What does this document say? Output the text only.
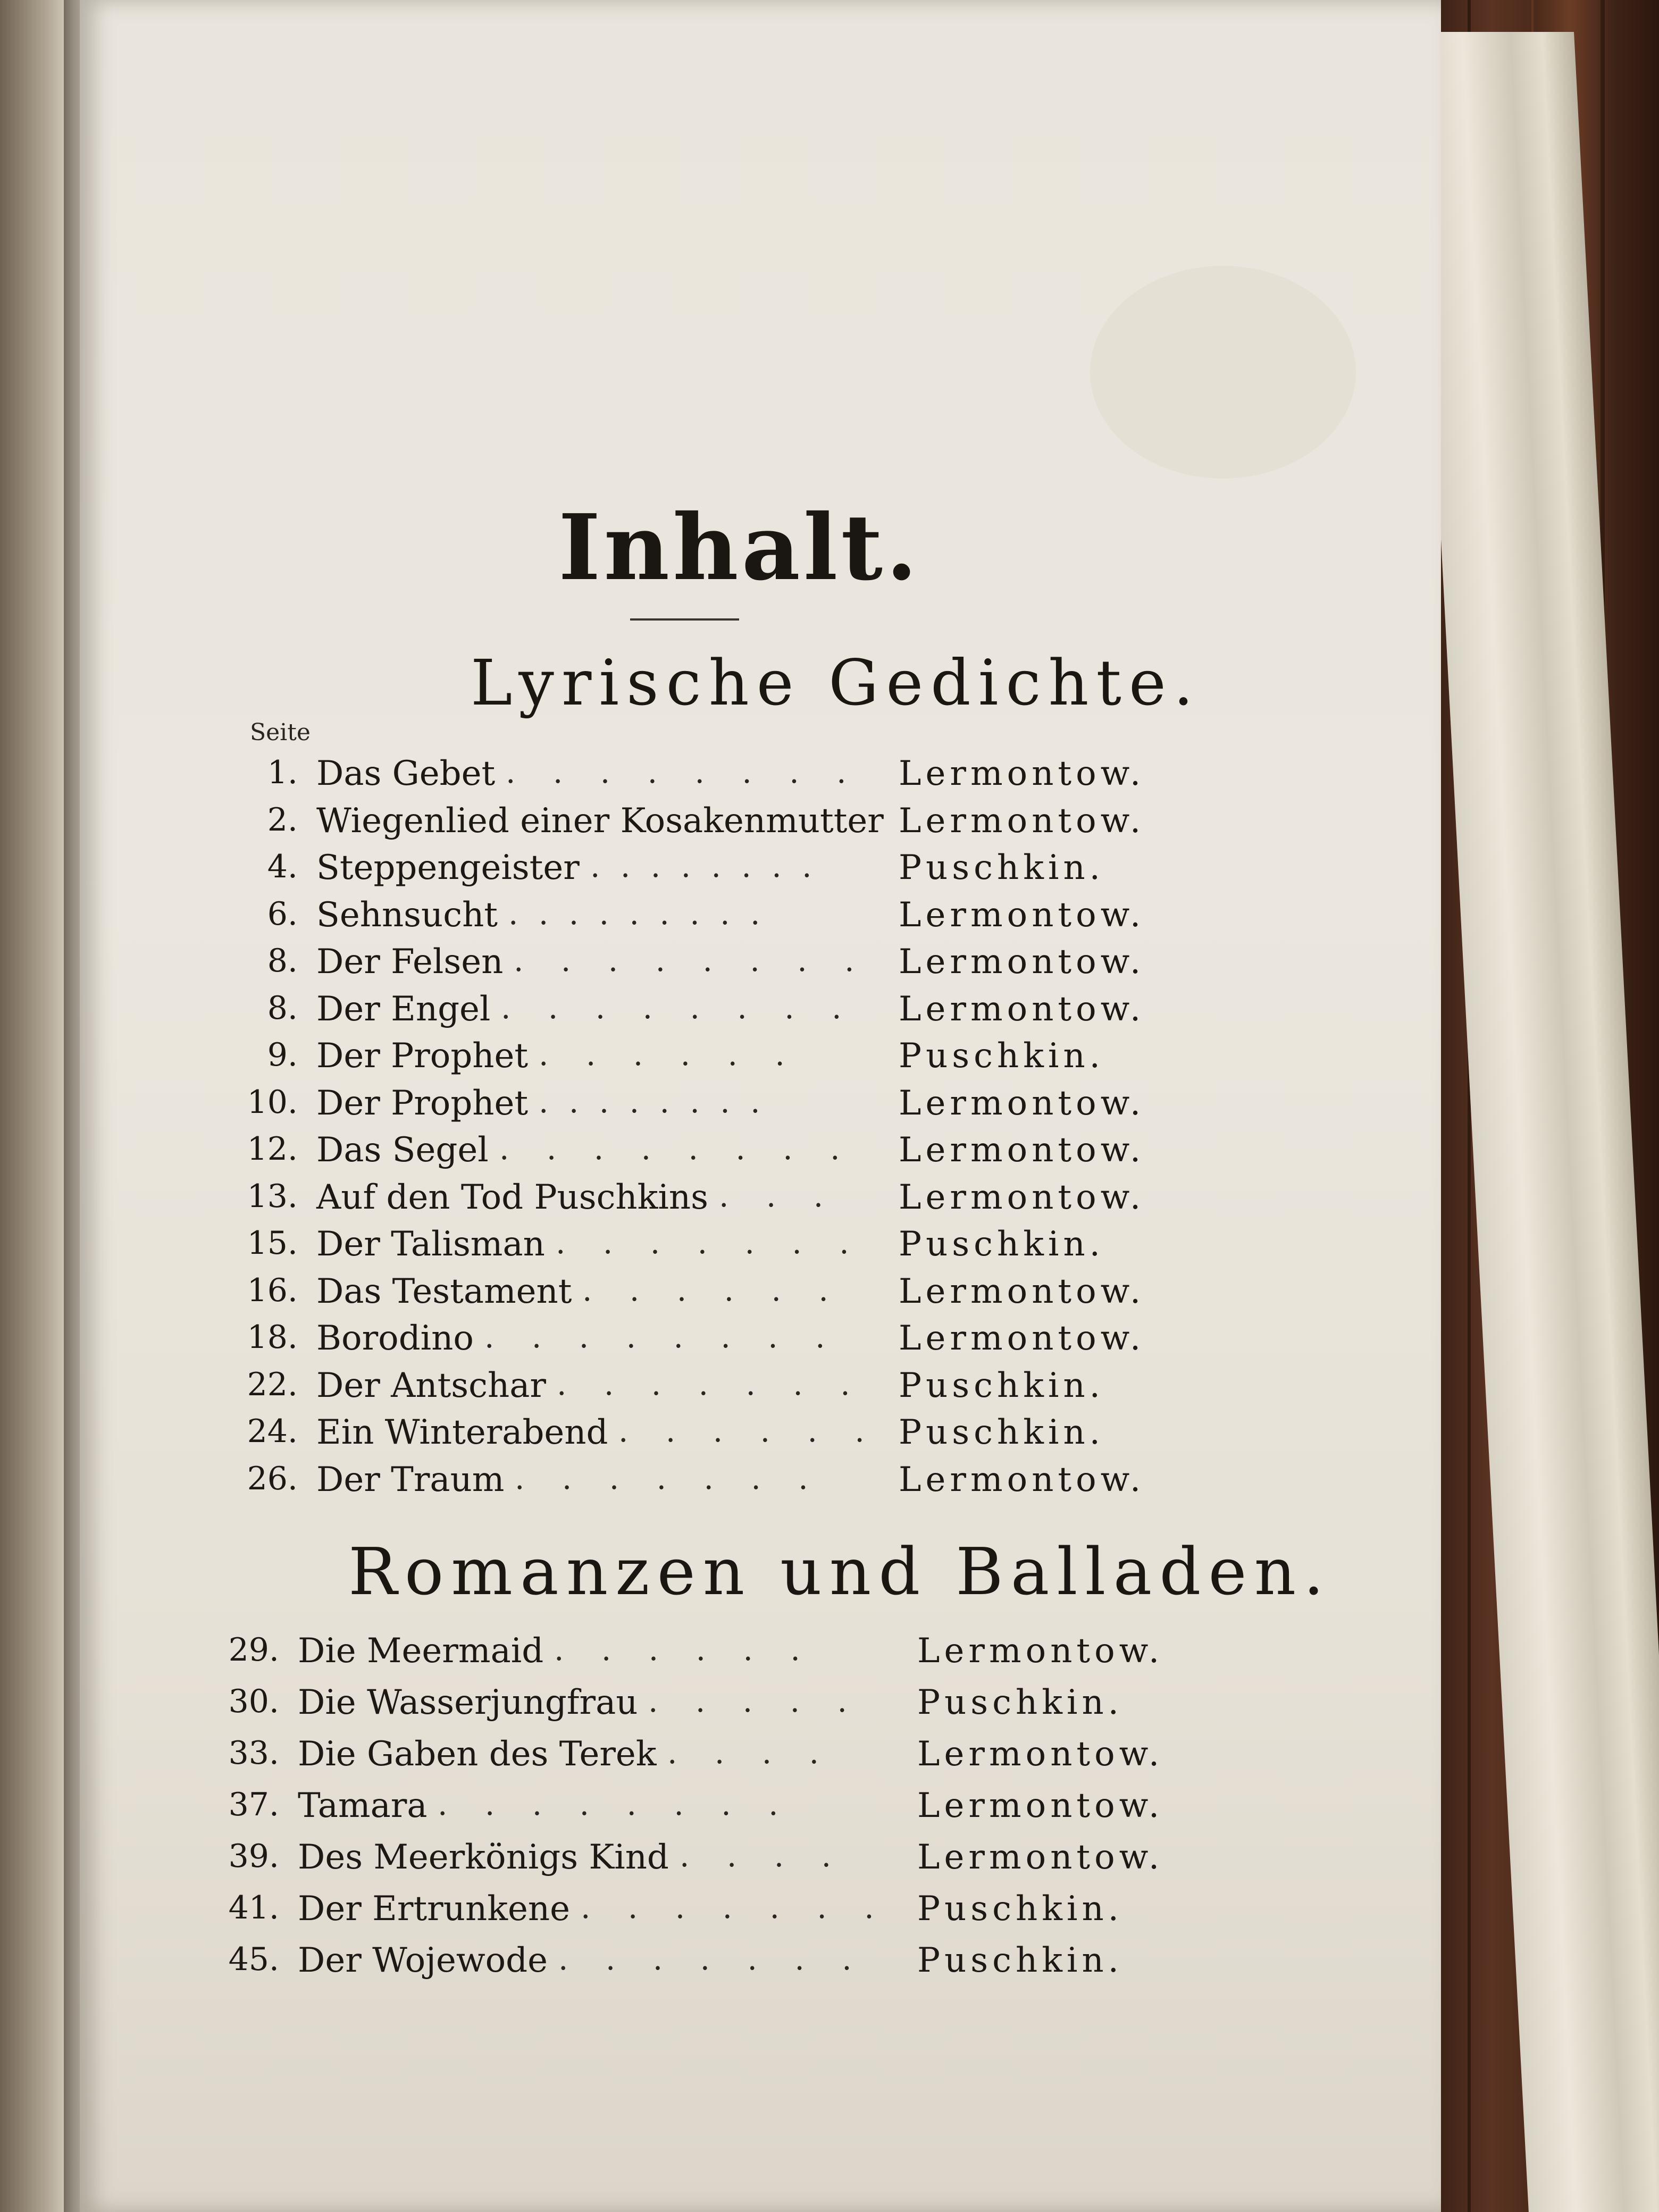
Inhalt.
Lyrische Gedichte.
Seite
1. Das Gebet . . . . . . . . Lermontow.
2. Wiegenlied einer Kosakenmutter Lermontow.
4. Steppengeister . . . . . . . . Puschkin.
6. Sehnsucht . . . . . . . . .	Lermontow.
8. Der Felsen . . . . . . . . Lermontow.
8. Der Engel . . . . . . . . Lermontow.
9. Der Prophet . . . . . .	Puschkin.
10. Der Prophet . . . . . . . .	Lermontow.
12. Das Segel . . . . . . . . Lermontow.
13. Auf den Tod Puschkins . . . Lermontow.
15. Der Talisman . . . . . . . Puschkin.
16. Das Testament . . . . . . Lermontow.
18. Borodino . . . . . . . . Lermontow.
22. Der Antschar . . . . . . . Puschkin.
24. Ein Winterabend . . . . . . Puschkin.
26. Der Traum . . . . . . . Lermontow.
Romanzen und Balladen.
29. Die Meermaid . . . . . .	Lermontow.
30. Die Wasserjungfrau . . . . . Puschkin.
33. Die Gaben des Terek . . . . Lermontow.
37. Tamara . . . . . . . .	Lermontow.
39. Des Meerkönigs Kind . . . . Lermontow.
41. Der Ertrunkene . . . . . . . Puschkin.
45. Der Wojewode . . . . . . . Puschkin.
